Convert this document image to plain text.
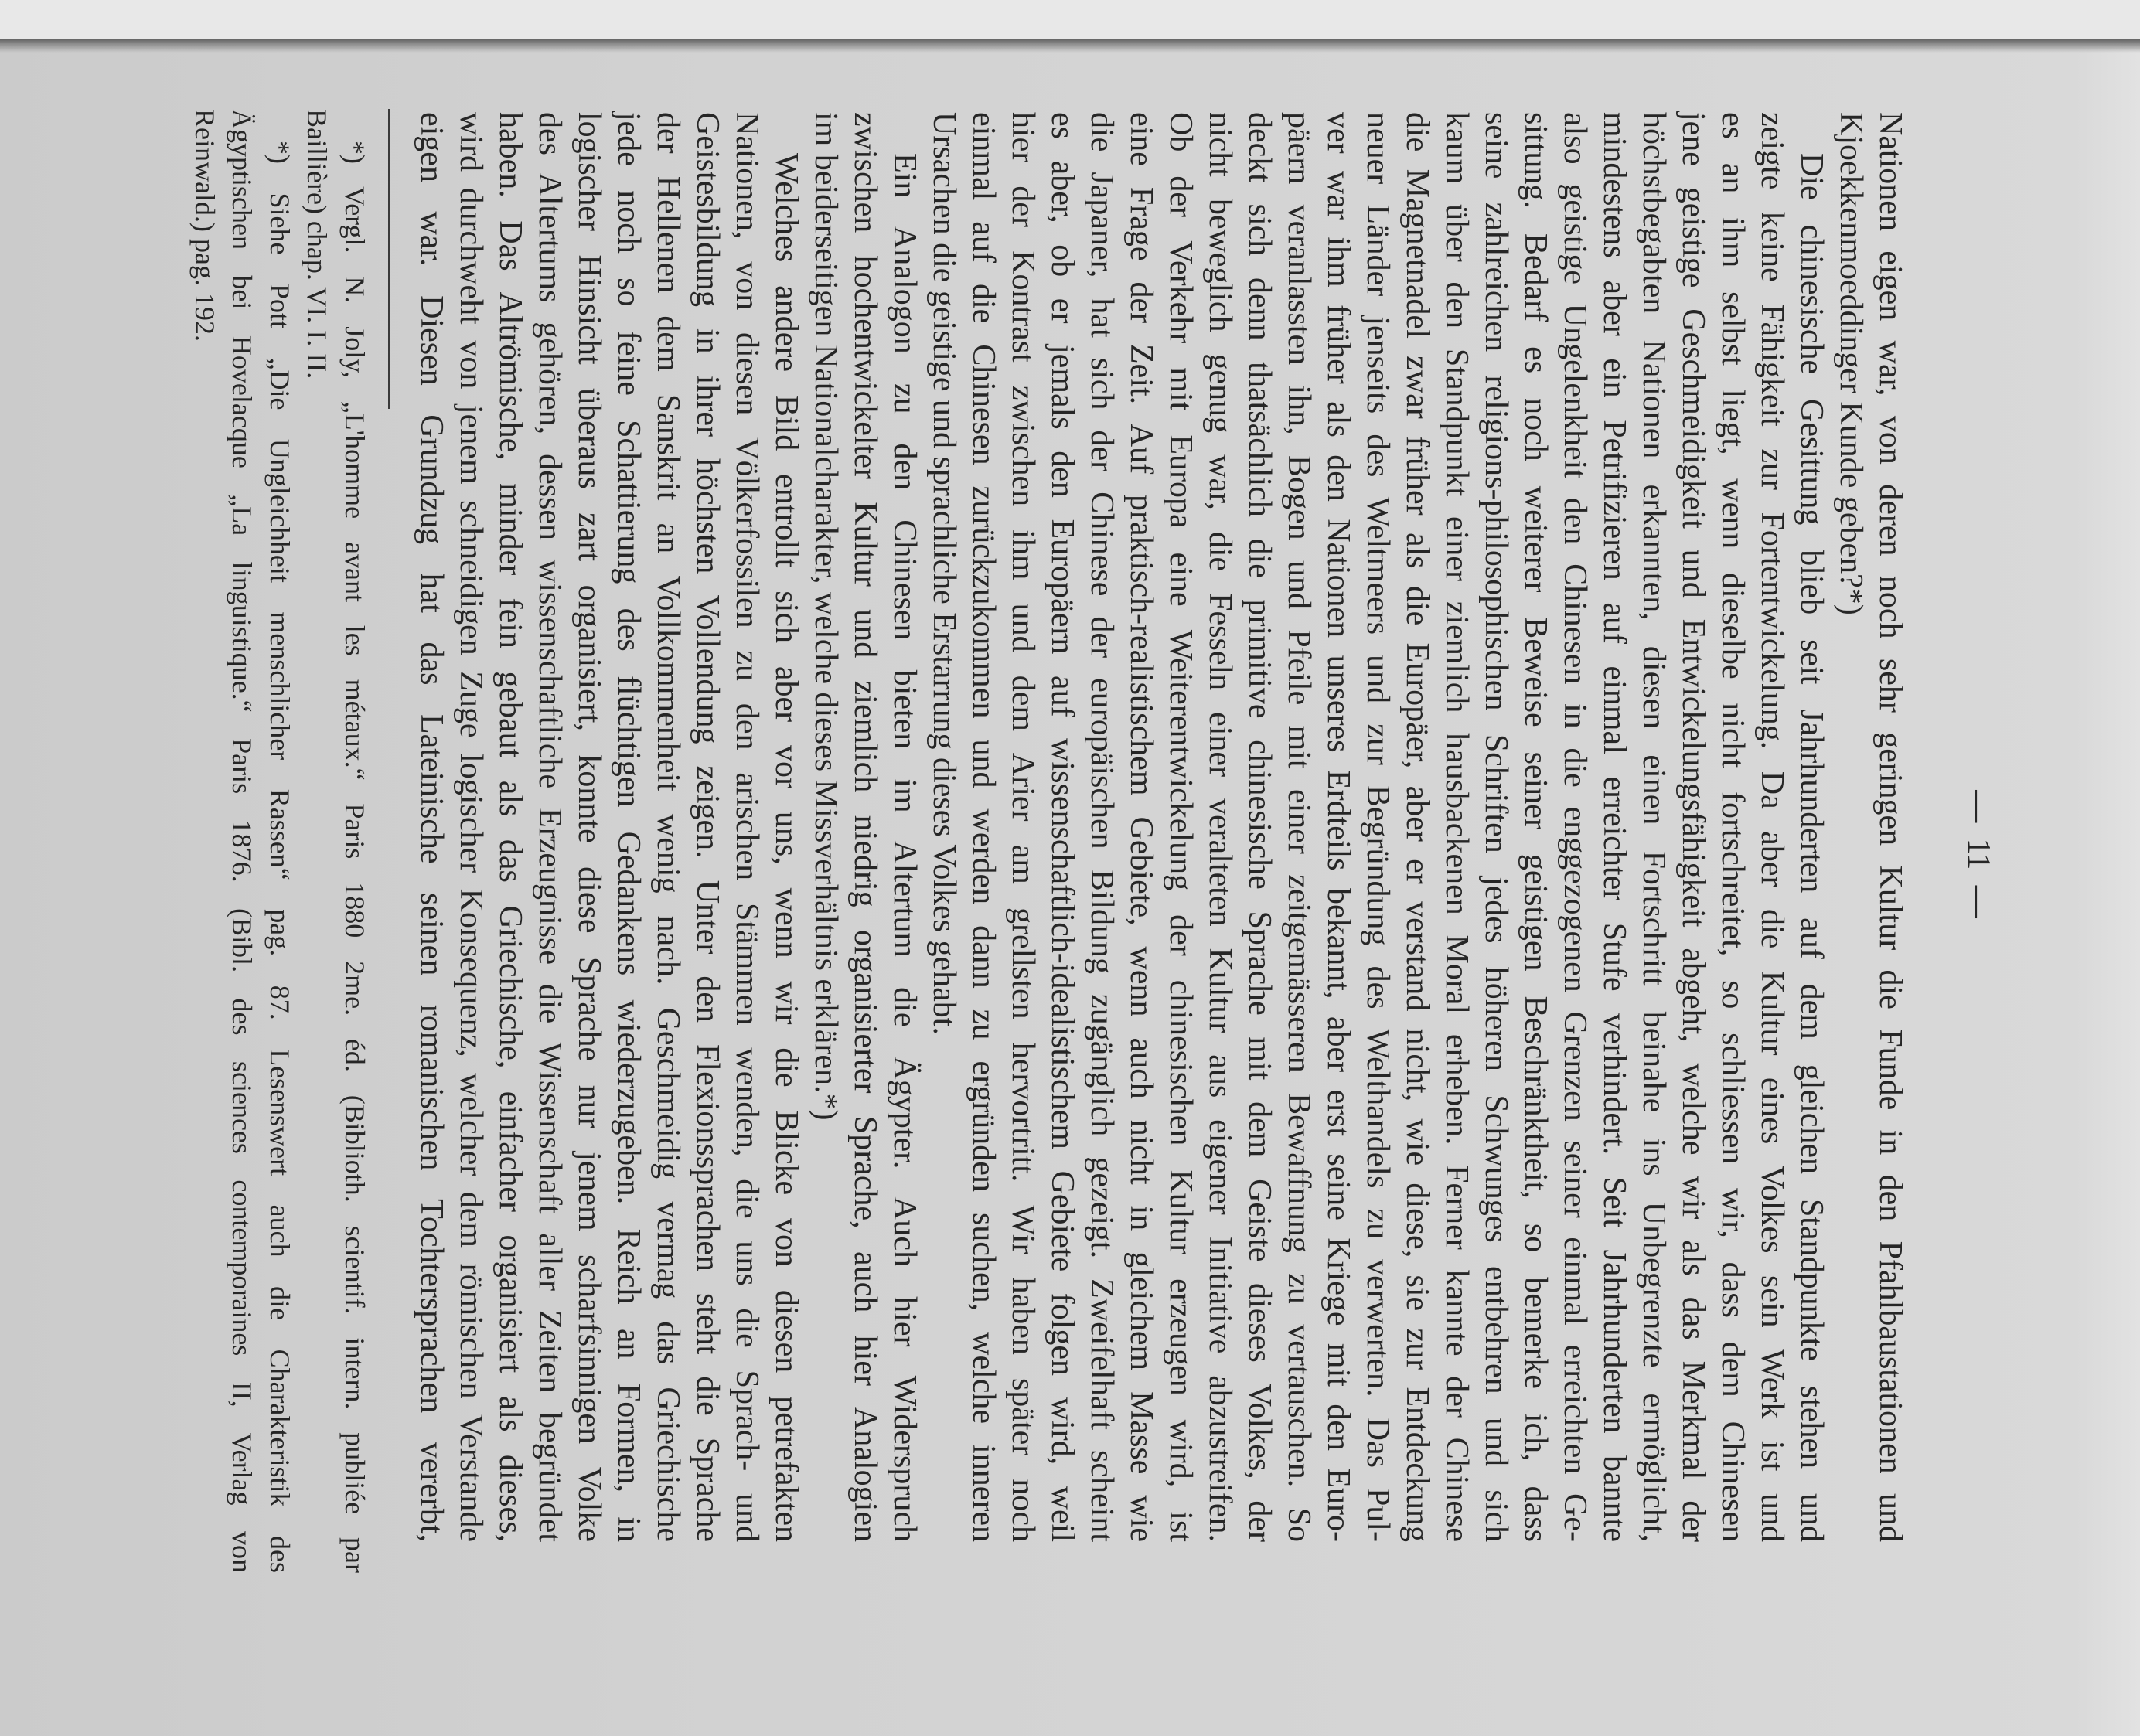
— 11 —
Nationen eigen war, von deren noch sehr geringen Kultur die Funde in den Pfahlbaustationen und
Kjoekkenmoeddinger Kunde geben?*)
Die chinesische Gesittung blieb seit Jahrhunderten auf dem gleichen Standpunkte stehen und
zeigte keine Fähigkeit zur Fortentwickelung. Da aber die Kultur eines Volkes sein Werk ist und
es an ihm selbst liegt, wenn dieselbe nicht fortschreitet, so schliessen wir, dass dem Chinesen
jene geistige Geschmeidigkeit und Entwickelungsfähigkeit abgeht, welche wir als das Merkmal der
höchstbegabten Nationen erkannten, diesen einen Fortschritt beinahe ins Unbegrenzte ermöglicht,
mindestens aber ein Petrifizieren auf einmal erreichter Stufe verhindert. Seit Jahrhunderten bannte
also geistige Ungelenkheit den Chinesen in die enggezogenen Grenzen seiner einmal erreichten Ge-
sittung. Bedarf es noch weiterer Beweise seiner geistigen Beschränktheit, so bemerke ich, dass
seine zahlreichen religions-philosophischen Schriften jedes höheren Schwunges entbehren und sich
kaum über den Standpunkt einer ziemlich hausbackenen Moral erheben. Ferner kannte der Chinese
die Magnetnadel zwar früher als die Europäer, aber er verstand nicht, wie diese, sie zur Entdeckung
neuer Länder jenseits des Weltmeers und zur Begründung des Welthandels zu verwerten. Das Pul-
ver war ihm früher als den Nationen unseres Erdteils bekannt, aber erst seine Kriege mit den Euro-
päern veranlassten ihn, Bogen und Pfeile mit einer zeitgemässeren Bewaffnung zu vertauschen. So
deckt sich denn thatsächlich die primitive chinesische Sprache mit dem Geiste dieses Volkes, der
nicht beweglich genug war, die Fesseln einer veralteten Kultur aus eigener Initiative abzustreifen.
Ob der Verkehr mit Europa eine Weiterentwickelung der chinesischen Kultur erzeugen wird, ist
eine Frage der Zeit. Auf praktisch-realistischem Gebiete, wenn auch nicht in gleichem Masse wie
die Japaner, hat sich der Chinese der europäischen Bildung zugänglich gezeigt. Zweifelhaft scheint
es aber, ob er jemals den Europäern auf wissenschaftlich-idealistischem Gebiete folgen wird, weil
hier der Kontrast zwischen ihm und dem Arier am grellsten hervortritt. Wir haben später noch
einmal auf die Chinesen zurückzukommen und werden dann zu ergründen suchen, welche inneren
Ursachen die geistige und sprachliche Erstarrung dieses Volkes gehabt.
Ein Analogon zu den Chinesen bieten im Altertum die Ägypter. Auch hier Widerspruch
zwischen hochentwickelter Kultur und ziemlich niedrig organisierter Sprache, auch hier Analogien
im beiderseitigen Nationalcharakter, welche dieses Missverhältnis erklären.*)
Welches andere Bild entrollt sich aber vor uns, wenn wir die Blicke von diesen petrefakten
Nationen, von diesen Völkerfossilen zu den arischen Stämmen wenden, die uns die Sprach- und
Geistesbildung in ihrer höchsten Vollendung zeigen. Unter den Flexionssprachen steht die Sprache
der Hellenen dem Sanskrit an Vollkommenheit wenig nach. Geschmeidig vermag das Griechische
jede noch so feine Schattierung des flüchtigen Gedankens wiederzugeben. Reich an Formen, in
logischer Hinsicht überaus zart organisiert, konnte diese Sprache nur jenem scharfsinnigen Volke
des Altertums gehören, dessen wissenschaftliche Erzeugnisse die Wissenschaft aller Zeiten begründet
haben. Das Altrömische, minder fein gebaut als das Griechische, einfacher organisiert als dieses,
wird durchweht von jenem schneidigen Zuge logischer Konsequenz, welcher dem römischen Verstande
eigen war. Diesen Grundzug hat das Lateinische seinen romanischen Tochtersprachen vererbt,
*) Vergl. N. Joly, „L'homme avant les métaux.“ Paris 1880 2me. éd. (Biblioth. scientif. intern. publiée par
Baillière) chap. VI. I. II.
*) Siehe Pott „Die Ungleichheit menschlicher Rassen“ pag. 87. Lesenswert auch die Charakteristik des
Ägyptischen bei Hovelacque „La linguistique.“ Paris 1876. (Bibl. des sciences contemporaines II, Verlag von
Reinwald.) pag. 192.
